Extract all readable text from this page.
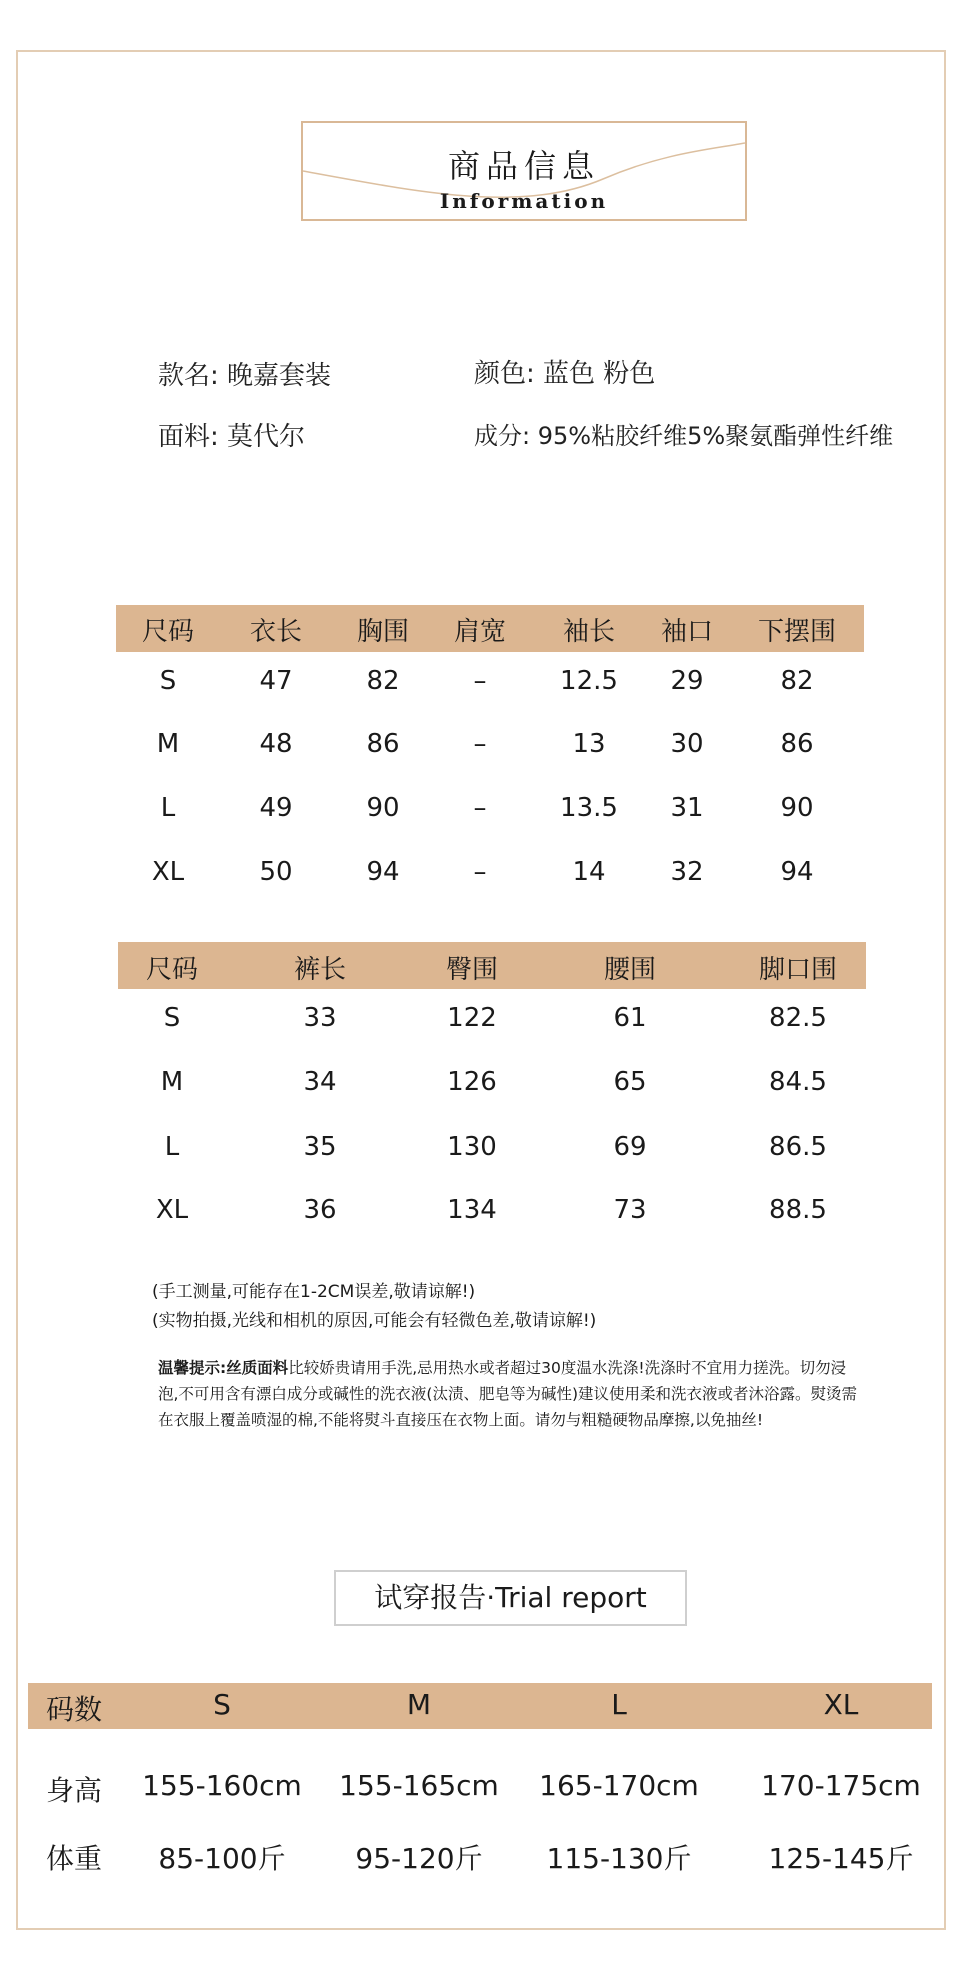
商品信息
Information
款名: 晚嘉套装	颜色: 蓝色 粉色
面料: 莫代尔	成分: 95%粘胶纤维5%聚氨酯弹性纤维
尺码 衣长 胸围 肩宽 袖长 袖口 下摆围
S	47	82	–	12.5 29	82
M	48	86	–	13 30	86
L	49	90	–	13.5 31	90
XL	50	94	–	14 32	94
尺码	裤长	臀围	腰围	脚口围
S	33	122	61	82.5
M	34	126	65	84.5
L	35	130	69	86.5
XL	36	134	73	88.5
(手工测量,可能存在1-2CM误差,敬请谅解!)
(实物拍摄,光线和相机的原因,可能会有轻微色差,敬请谅解!)
温馨提示:丝质面料比较娇贵请用手洗,忌用热水或者超过30度温水洗涤!洗涤时不宜用力搓洗。切勿浸泡,不可用含有漂白成分或碱性的洗衣液(汰渍、肥皂等为碱性)建议使用柔和洗衣液或者沐浴露。熨烫需在衣服上覆盖喷湿的棉,不能将熨斗直接压在衣物上面。请勿与粗糙硬物品摩擦,以免抽丝!
试穿报告·Trial report
码数	S	M	L	XL
身高 155-160cm 155-165cm 165-170cm 170-175cm
体重 85-100斤 95-120斤 115-130斤	125-145斤
